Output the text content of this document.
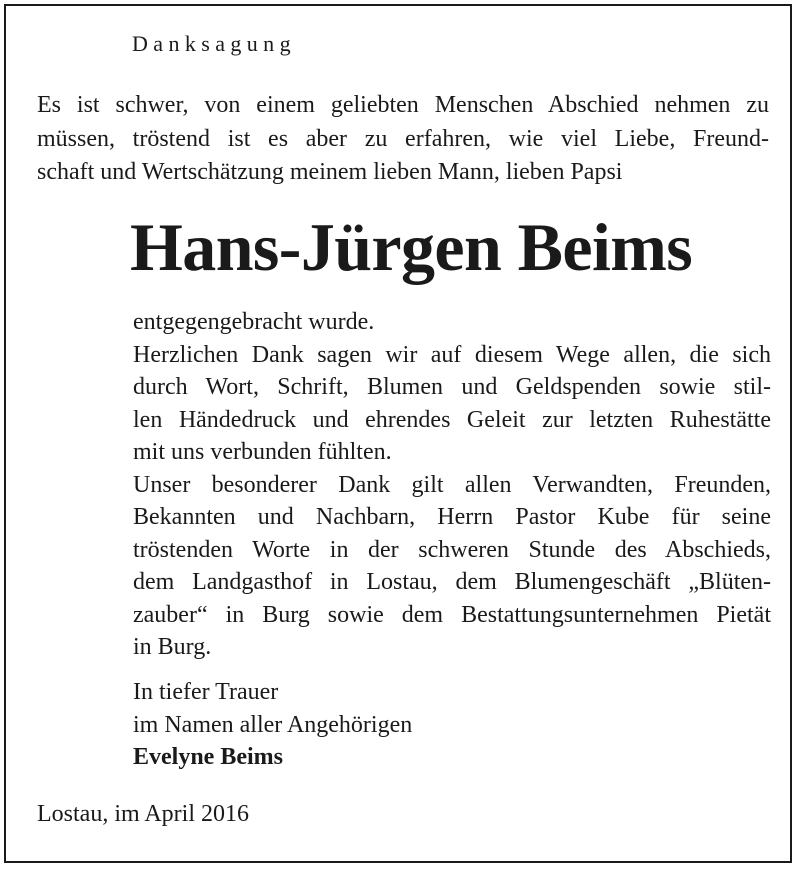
Danksagung
Es ist schwer, von einem geliebten Menschen Abschied nehmen zu
müssen, tröstend ist es aber zu erfahren, wie viel Liebe, Freund-
schaft und Wertschätzung meinem lieben Mann, lieben Papsi
Hans-Jürgen Beims
entgegengebracht wurde.
Herzlichen Dank sagen wir auf diesem Wege allen, die sich
durch Wort, Schrift, Blumen und Geldspenden sowie stil-
len Händedruck und ehrendes Geleit zur letzten Ruhestätte
mit uns verbunden fühlten.
Unser besonderer Dank gilt allen Verwandten, Freunden,
Bekannten und Nachbarn, Herrn Pastor Kube für seine
tröstenden Worte in der schweren Stunde des Abschieds,
dem Landgasthof in Lostau, dem Blumengeschäft „Blüten-
zauber“ in Burg sowie dem Bestattungsunternehmen Pietät
in Burg.
In tiefer Trauer
im Namen aller Angehörigen
Evelyne Beims
Lostau, im April 2016
